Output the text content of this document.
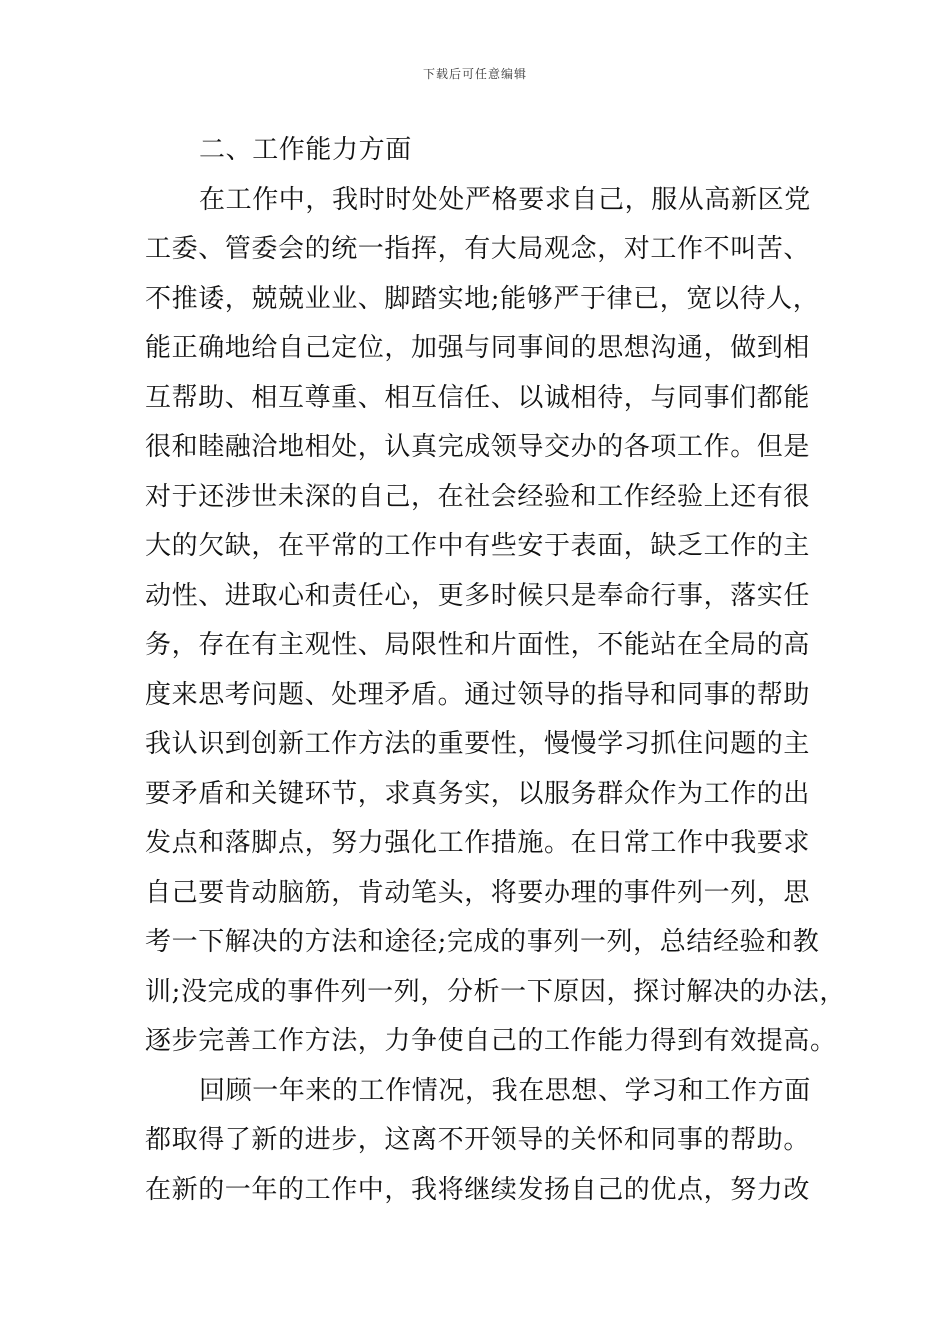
下载后可任意编辑
二、工作能力方面
在工作中，我时时处处严格要求自己，服从高新区党
工委、管委会的统一指挥，有大局观念，对工作不叫苦、
不推诿，兢兢业业、脚踏实地;能够严于律已，宽以待人，
能正确地给自己定位，加强与同事间的思想沟通，做到相
互帮助、相互尊重、相互信任、以诚相待，与同事们都能
很和睦融洽地相处，认真完成领导交办的各项工作。但是
对于还涉世未深的自己，在社会经验和工作经验上还有很
大的欠缺，在平常的工作中有些安于表面，缺乏工作的主
动性、进取心和责任心，更多时候只是奉命行事，落实任
务，存在有主观性、局限性和片面性，不能站在全局的高
度来思考问题、处理矛盾。通过领导的指导和同事的帮助
我认识到创新工作方法的重要性，慢慢学习抓住问题的主
要矛盾和关键环节，求真务实，以服务群众作为工作的出
发点和落脚点，努力强化工作措施。在日常工作中我要求
自己要肯动脑筋，肯动笔头，将要办理的事件列一列，思
考一下解决的方法和途径;完成的事列一列，总结经验和教
训;没完成的事件列一列，分析一下原因，探讨解决的办法，
逐步完善工作方法，力争使自己的工作能力得到有效提高。
回顾一年来的工作情况，我在思想、学习和工作方面
都取得了新的进步，这离不开领导的关怀和同事的帮助。
在新的一年的工作中，我将继续发扬自己的优点，努力改
